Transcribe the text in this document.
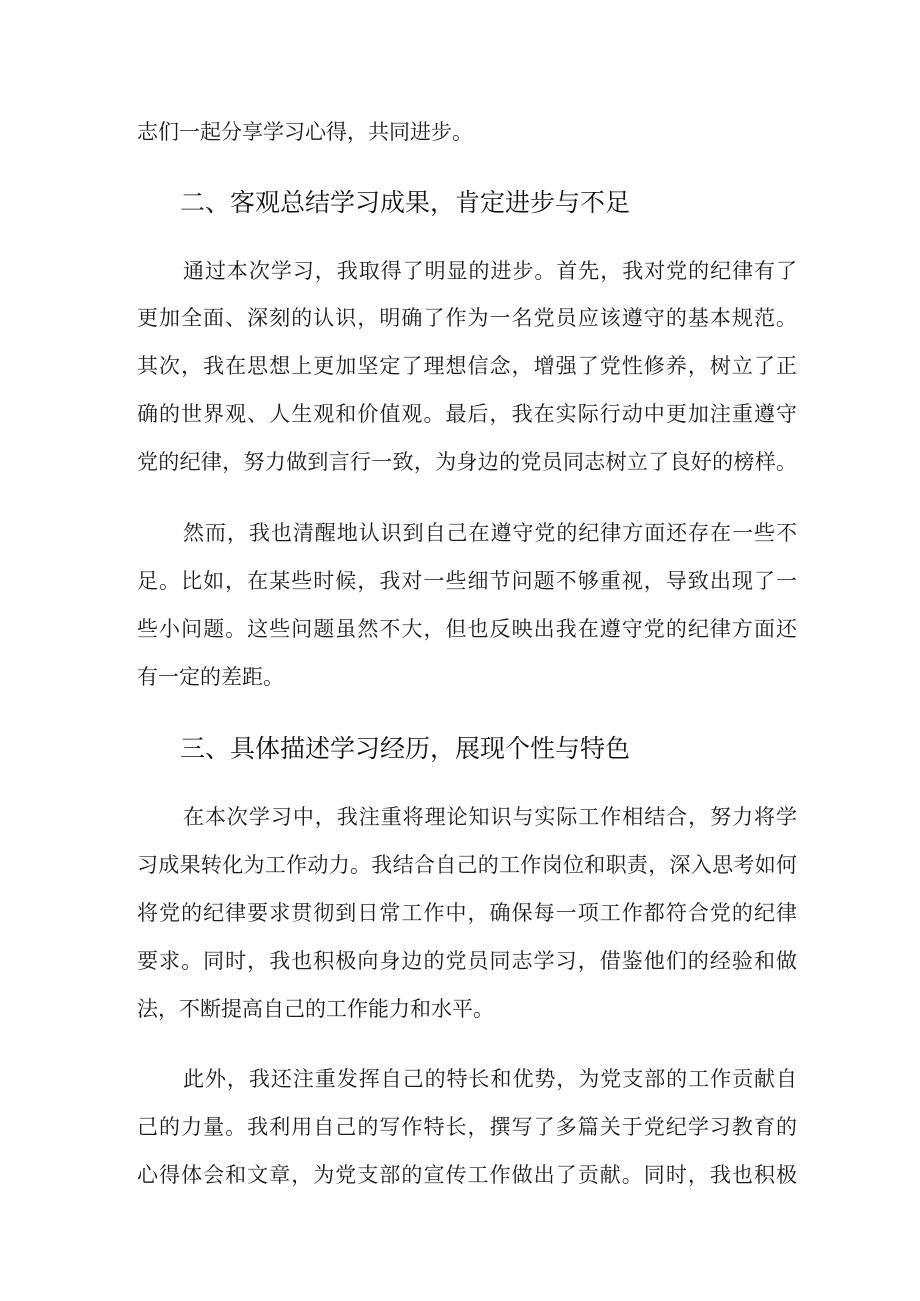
志们一起分享学习心得，共同进步。

二、客观总结学习成果，肯定进步与不足

通过本次学习，我取得了明显的进步。首先，我对党的纪律有了

更加全面、深刻的认识，明确了作为一名党员应该遵守的基本规范。

其次，我在思想上更加坚定了理想信念，增强了党性修养，树立了正

确的世界观、人生观和价值观。最后，我在实际行动中更加注重遵守

党的纪律，努力做到言行一致，为身边的党员同志树立了良好的榜样。

然而，我也清醒地认识到自己在遵守党的纪律方面还存在一些不

足。比如，在某些时候，我对一些细节问题不够重视，导致出现了一

些小问题。这些问题虽然不大，但也反映出我在遵守党的纪律方面还

有一定的差距。

三、具体描述学习经历，展现个性与特色

在本次学习中，我注重将理论知识与实际工作相结合，努力将学

习成果转化为工作动力。我结合自己的工作岗位和职责，深入思考如何

将党的纪律要求贯彻到日常工作中，确保每一项工作都符合党的纪律

要求。同时，我也积极向身边的党员同志学习，借鉴他们的经验和做

法，不断提高自己的工作能力和水平。

此外，我还注重发挥自己的特长和优势，为党支部的工作贡献自

己的力量。我利用自己的写作特长，撰写了多篇关于党纪学习教育的

心得体会和文章，为党支部的宣传工作做出了贡献。同时，我也积极
